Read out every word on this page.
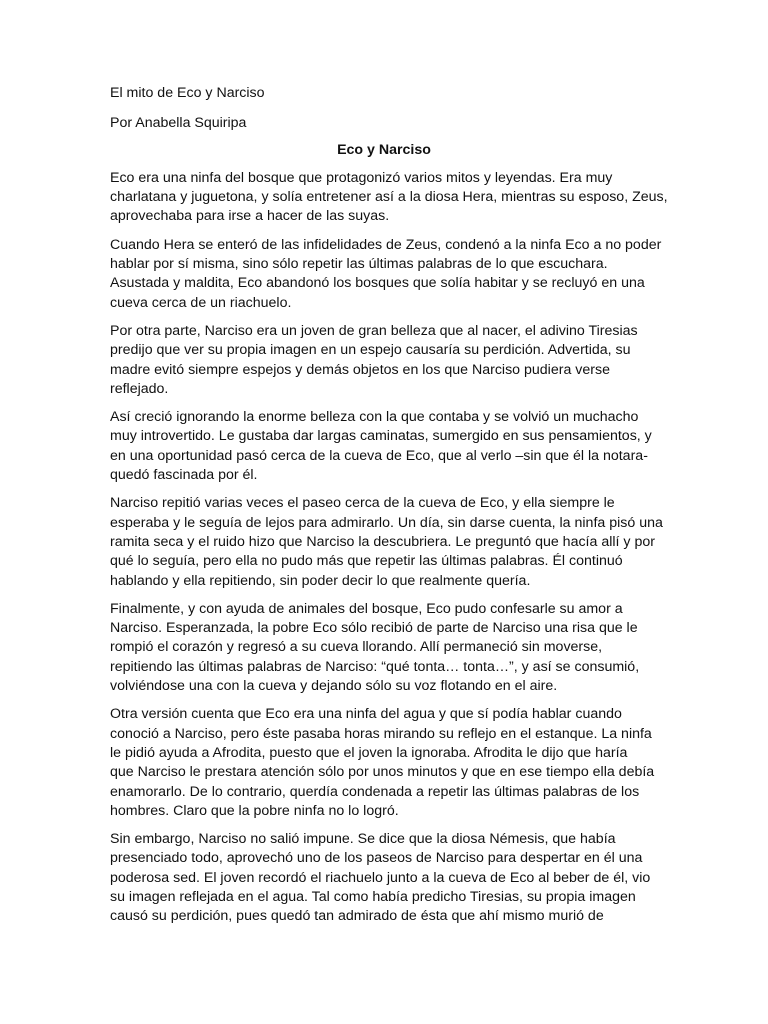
El mito de Eco y Narciso

Por Anabella Squiripa

Eco y Narciso

Eco era una ninfa del bosque que protagonizó varios mitos y leyendas. Era muy
charlatana y juguetona, y solía entretener así a la diosa Hera, mientras su esposo, Zeus,
aprovechaba para irse a hacer de las suyas.

Cuando Hera se enteró de las infidelidades de Zeus, condenó a la ninfa Eco a no poder
hablar por sí misma, sino sólo repetir las últimas palabras de lo que escuchara.
Asustada y maldita, Eco abandonó los bosques que solía habitar y se recluyó en una
cueva cerca de un riachuelo.

Por otra parte, Narciso era un joven de gran belleza que al nacer, el adivino Tiresias
predijo que ver su propia imagen en un espejo causaría su perdición. Advertida, su
madre evitó siempre espejos y demás objetos en los que Narciso pudiera verse
reflejado.

Así creció ignorando la enorme belleza con la que contaba y se volvió un muchacho
muy introvertido. Le gustaba dar largas caminatas, sumergido en sus pensamientos, y
en una oportunidad pasó cerca de la cueva de Eco, que al verlo –sin que él la notara-
quedó fascinada por él.

Narciso repitió varias veces el paseo cerca de la cueva de Eco, y ella siempre le
esperaba y le seguía de lejos para admirarlo. Un día, sin darse cuenta, la ninfa pisó una
ramita seca y el ruido hizo que Narciso la descubriera. Le preguntó que hacía allí y por
qué lo seguía, pero ella no pudo más que repetir las últimas palabras. Él continuó
hablando y ella repitiendo, sin poder decir lo que realmente quería.

Finalmente, y con ayuda de animales del bosque, Eco pudo confesarle su amor a
Narciso. Esperanzada, la pobre Eco sólo recibió de parte de Narciso una risa que le
rompió el corazón y regresó a su cueva llorando. Allí permaneció sin moverse,
repitiendo las últimas palabras de Narciso: “qué tonta… tonta…”, y así se consumió,
volviéndose una con la cueva y dejando sólo su voz flotando en el aire.

Otra versión cuenta que Eco era una ninfa del agua y que sí podía hablar cuando
conoció a Narciso, pero éste pasaba horas mirando su reflejo en el estanque. La ninfa
le pidió ayuda a Afrodita, puesto que el joven la ignoraba. Afrodita le dijo que haría
que Narciso le prestara atención sólo por unos minutos y que en ese tiempo ella debía
enamorarlo. De lo contrario, querdía condenada a repetir las últimas palabras de los
hombres. Claro que la pobre ninfa no lo logró.

Sin embargo, Narciso no salió impune. Se dice que la diosa Némesis, que había
presenciado todo, aprovechó uno de los paseos de Narciso para despertar en él una
poderosa sed. El joven recordó el riachuelo junto a la cueva de Eco al beber de él, vio
su imagen reflejada en el agua. Tal como había predicho Tiresias, su propia imagen
causó su perdición, pues quedó tan admirado de ésta que ahí mismo murió de
